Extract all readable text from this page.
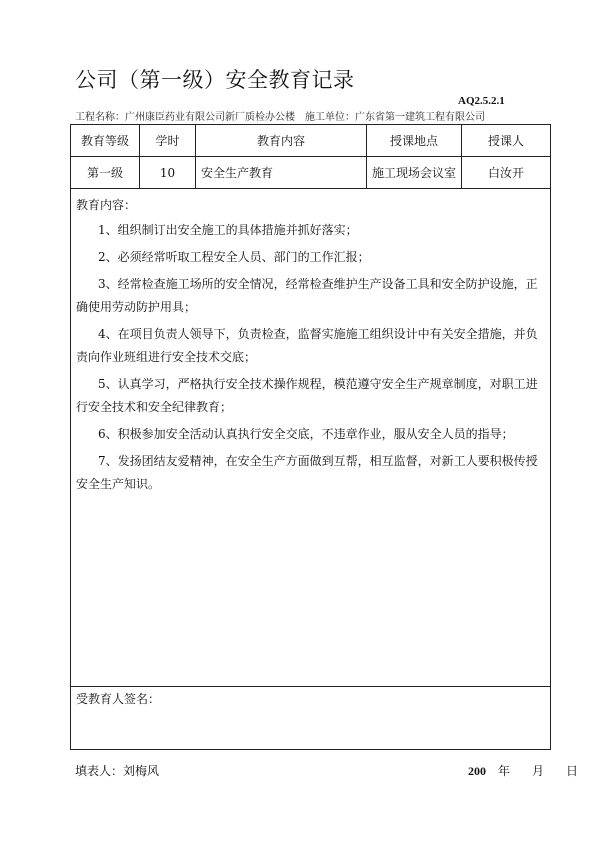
公司（第一级）安全教育记录
AQ2.5.2.1
工程名称：广州康臣药业有限公司新厂质检办公楼 施工单位：广东省第一建筑工程有限公司
教育等级	学时	教育内容	授课地点	授课人
第一级	10	安全生产教育	施工现场会议室	白汝开

教育内容：

1、组织制订出安全施工的具体措施并抓好落实；

2、必须经常听取工程安全人员、部门的工作汇报；

3、经常检查施工场所的安全情况，经常检查维护生产设备工具和安全防护设施，正确使用劳动防护用具；

4、在项目负责人领导下，负责检查，监督实施施工组织设计中有关安全措施，并负责向作业班组进行安全技术交底；

5、认真学习，严格执行安全技术操作规程，模范遵守安全生产规章制度，对职工进行安全技术和安全纪律教育；

6、积极参加安全活动认真执行安全交底，不违章作业，服从安全人员的指导；

7、发扬团结友爱精神，在安全生产方面做到互帮，相互监督，对新工人要积极传授安全生产知识。

受教育人签名：
填表人：刘梅风	200 年 月 日
